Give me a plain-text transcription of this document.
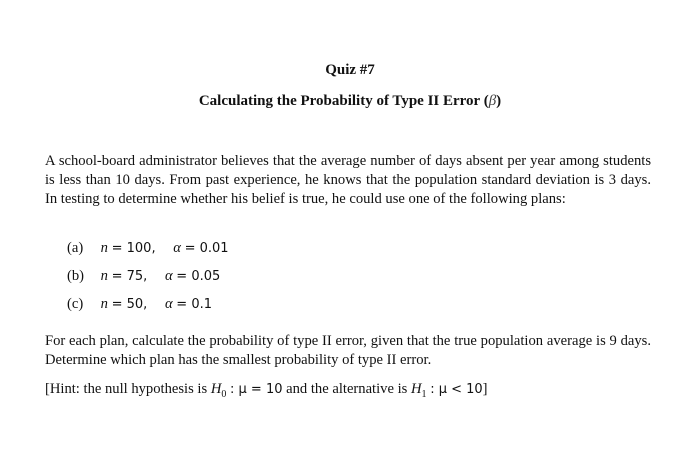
Quiz #7
Calculating the Probability of Type II Error (β)

A school-board administrator believes that the average number of days absent per year among students is less than 10 days. From past experience, he knows that the population standard deviation is 3 days. In testing to determine whether his belief is true, he could use one of the following plans:

(a) n = 100, α = 0.01
(b) n = 75, α = 0.05
(c) n = 50, α = 0.1

For each plan, calculate the probability of type II error, given that the true population average is 9 days. Determine which plan has the smallest probability of type II error.

[Hint: the null hypothesis is $H_0$ : μ = 10 and the alternative is $H_1$ : μ < 10]
